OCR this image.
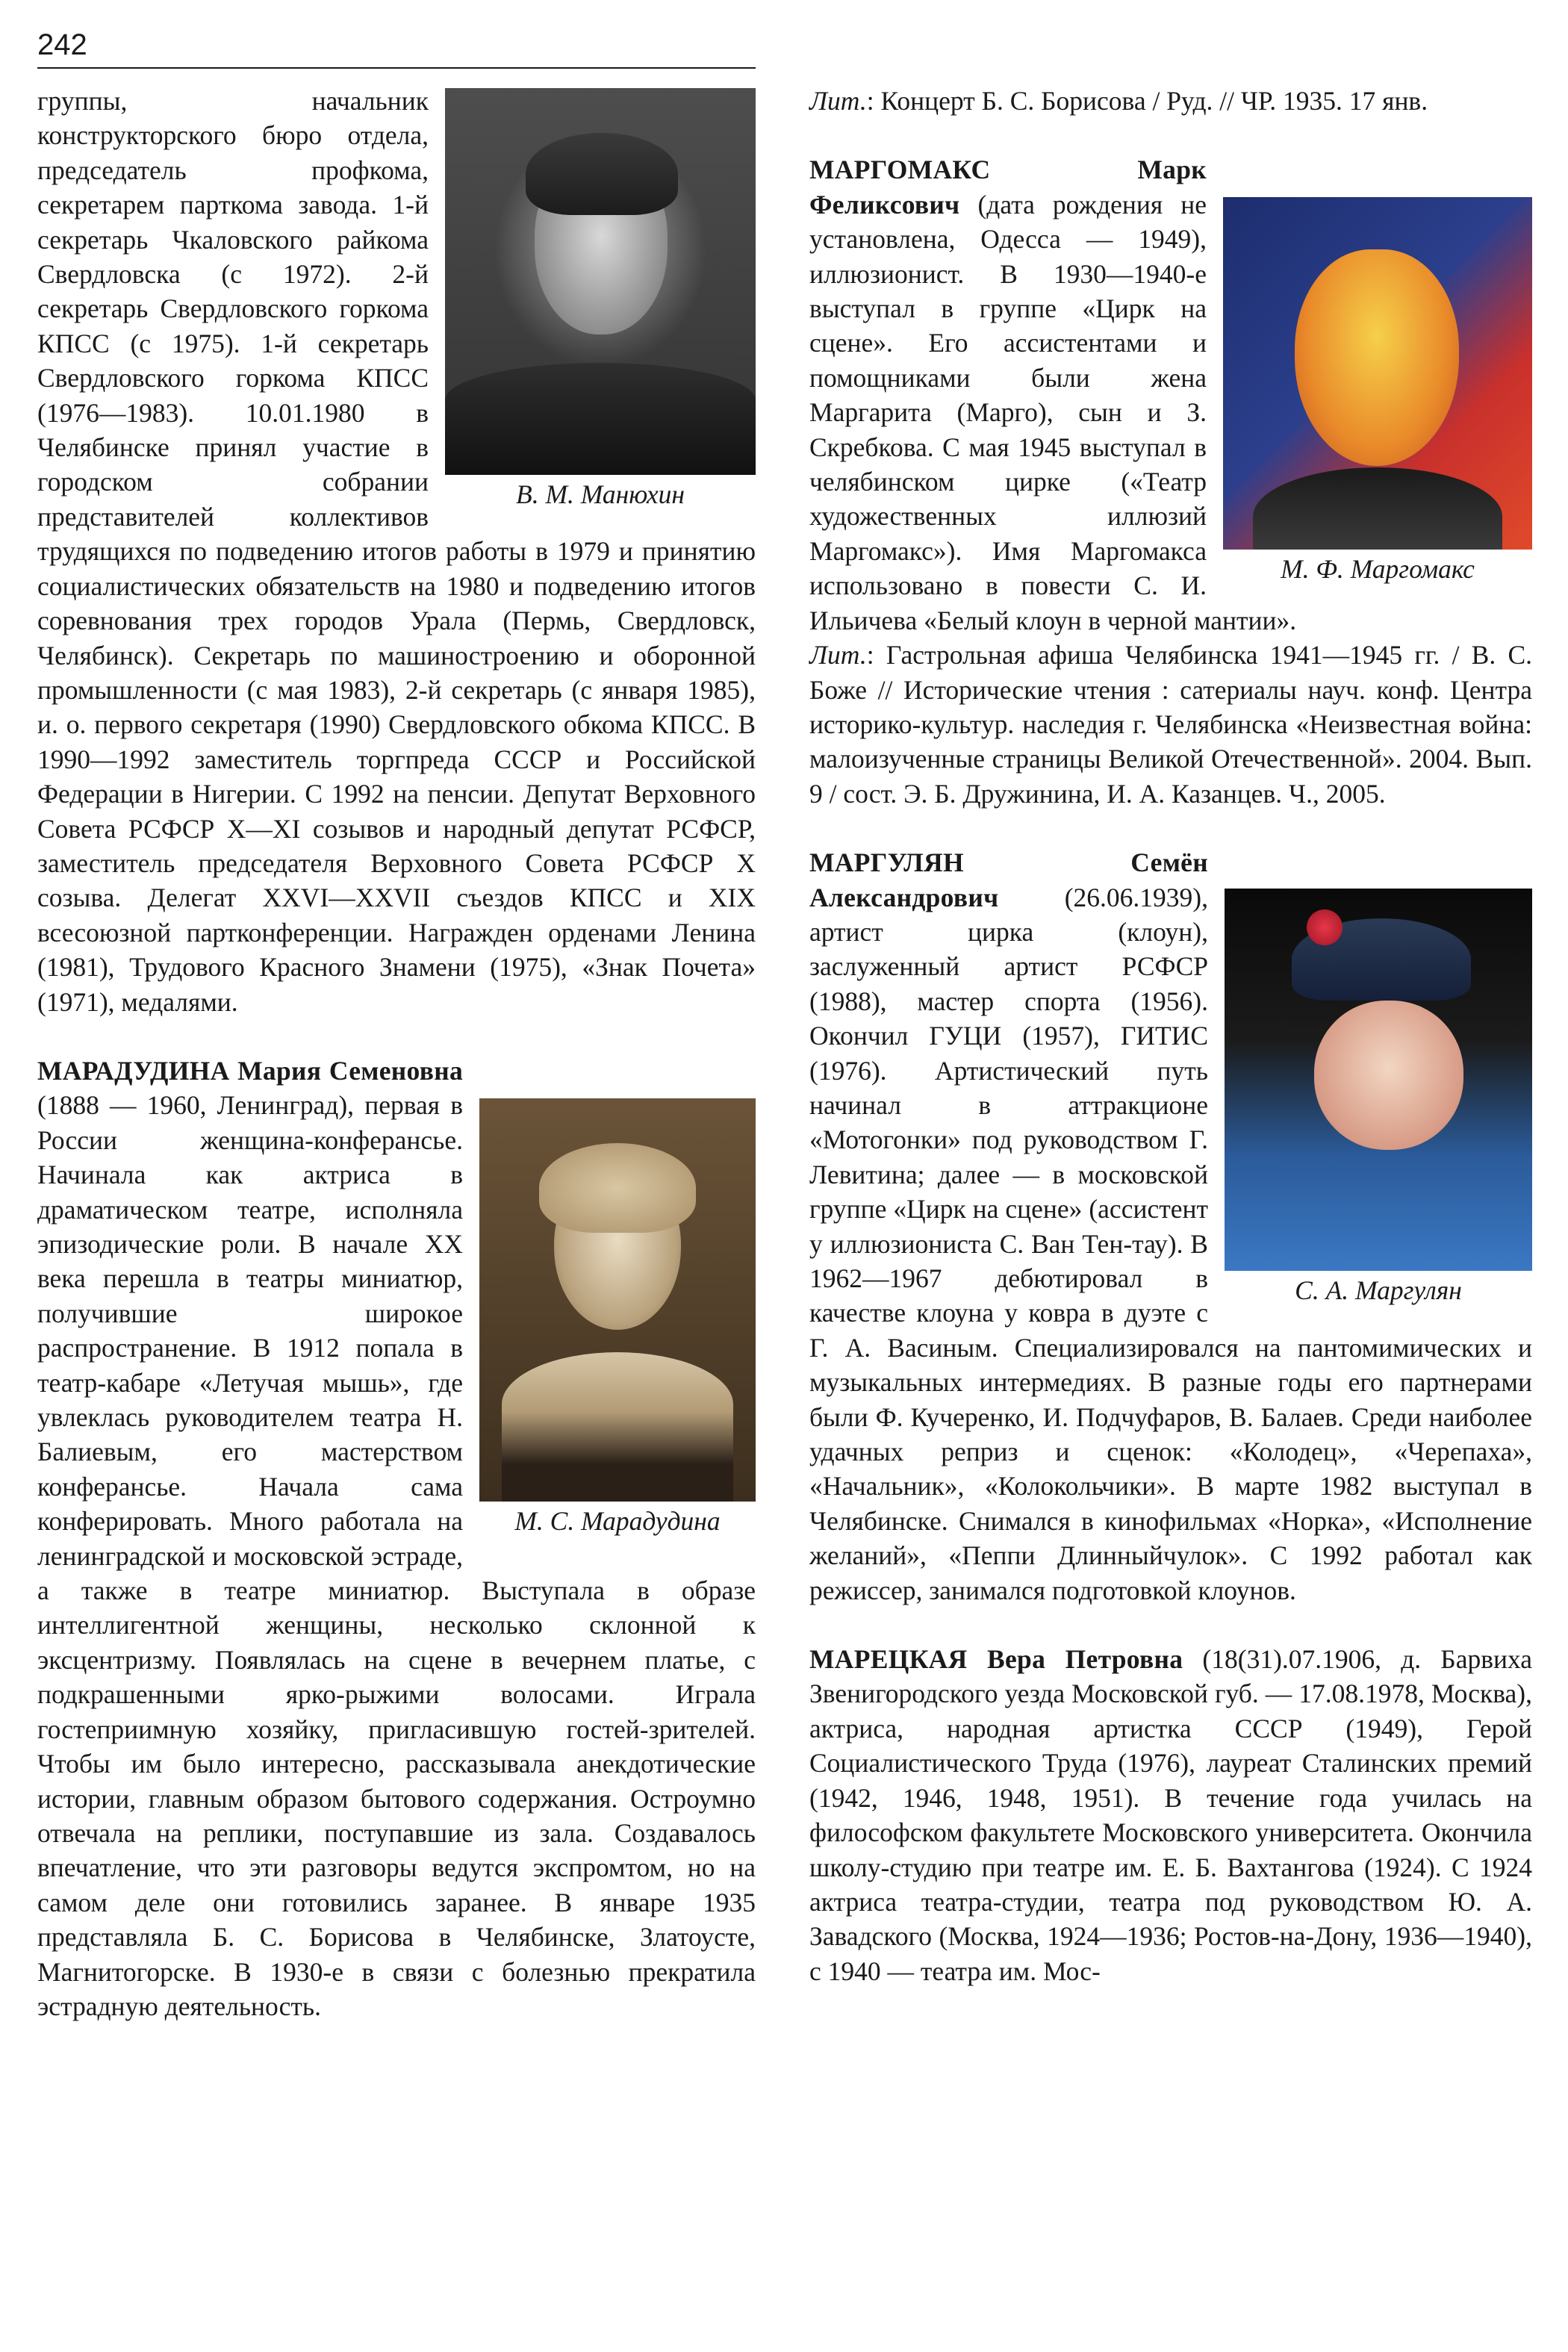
242
В. М. Манюхин

группы, начальник конструкторского бюро отдела, председатель профкома, секретарем парткома завода. 1-й секретарь Чкаловского райкома Свердловска (с 1972). 2-й секретарь Свердловского горкома КПСС (с 1975). 1-й секретарь Свердловского горкома КПСС (1976—1983). 10.01.1980 в Челябинске принял участие в городском собрании представителей коллективов трудящихся по подведению итогов работы в 1979 и принятию социалистических обязательств на 1980 и подведению итогов соревнования трех городов Урала (Пермь, Свердловск, Челябинск). Секретарь по машиностроению и оборонной промышленности (с мая 1983), 2-й секретарь (с января 1985), и. о. первого секретаря (1990) Свердловского обкома КПСС. В 1990—1992 заместитель торгпреда СССР и Российской Федерации в Нигерии. С 1992 на пенсии. Депутат Верховного Совета РСФСР X—XI созывов и народный депутат РСФСР, заместитель председателя Верховного Совета РСФСР X созыва. Делегат XXVI—XXVII съездов КПСС и XIX всесоюзной партконференции. Награжден орденами Ленина (1981), Трудового Красного Знамени (1975), «Знак Почета» (1971), медалями.

М. С. Марадудина

МАРАДУДИНА Мария Семеновна (1888 — 1960, Ленинград), первая в России женщина-конферансье. Начинала как актриса в драматическом театре, исполняла эпизодические роли. В начале XX века перешла в театры миниатюр, получившие широкое распространение. В 1912 попала в театр-кабаре «Летучая мышь», где увлеклась руководителем театра Н. Балиевым, его мастерством конферансье. Начала сама конферировать. Много работала на ленинградской и московской эстраде, а также в театре миниатюр. Выступала в образе интеллигентной женщины, несколько склонной к эксцентризму. Появлялась на сцене в вечернем платье, с подкрашенными ярко-рыжими волосами. Играла гостеприимную хозяйку, пригласившую гостей-зрителей. Чтобы им было интересно, рассказывала анекдотические истории, главным образом бытового содержания. Остроумно отвечала на реплики, поступавшие из зала. Создавалось впечатление, что эти разговоры ведутся экспромтом, но на самом деле они готовились заранее. В январе 1935 представляла Б. С. Борисова в Челябинске, Златоусте, Магнитогорске. В 1930-е в связи с болезнью прекратила эстрадную деятельность.

Лит.: Концерт Б. С. Борисова / Руд. // ЧР. 1935. 17 янв.

М. Ф. Маргомакс

МАРГОМАКС Марк Феликсович (дата рождения не установлена, Одесса — 1949), иллюзионист. В 1930—1940-е выступал в группе «Цирк на сцене». Его ассистентами и помощниками были жена Маргарита (Марго), сын и З. Скребкова. С мая 1945 выступал в челябинском цирке («Театр художественных иллюзий Маргомакс»). Имя Маргомакса использовано в повести С. И. Ильичева «Белый клоун в черной мантии».

Лит.: Гастрольная афиша Челябинска 1941—1945 гг. / В. С. Боже // Исторические чтения : сатериалы науч. конф. Центра историко-культур. наследия г. Челябинска «Неизвестная война: малоизученные страницы Великой Отечественной». 2004. Вып. 9 / сост. Э. Б. Дружинина, И. А. Казанцев. Ч., 2005.

С. А. Маргулян

МАРГУЛЯН Семён Александрович (26.06.1939), артист цирка (клоун), заслуженный артист РСФСР (1988), мастер спорта (1956). Окончил ГУЦИ (1957), ГИТИС (1976). Артистический путь начинал в аттракционе «Мотогонки» под руководством Г. Левитина; далее — в московской группе «Цирк на сцене» (ассистент у иллюзиониста С. Ван Тен-тау). В 1962—1967 дебютировал в качестве клоуна у ковра в дуэте с Г. А. Васиным. Специализировался на пантомимических и музыкальных интермедиях. В разные годы его партнерами были Ф. Кучеренко, И. Подчуфаров, В. Балаев. Среди наиболее удачных реприз и сценок: «Колодец», «Черепаха», «Начальник», «Колокольчики». В марте 1982 выступал в Челябинске. Снимался в кинофильмах «Норка», «Исполнение желаний», «Пеппи Длинныйчулок». С 1992 работал как режиссер, занимался подготовкой клоунов.

МАРЕЦКАЯ Вера Петровна (18(31).07.1906, д. Барвиха Звенигородского уезда Московской губ. — 17.08.1978, Москва), актриса, народная артистка СССР (1949), Герой Социалистического Труда (1976), лауреат Сталинских премий (1942, 1946, 1948, 1951). В течение года училась на философском факультете Московского университета. Окончила школу-студию при театре им. Е. Б. Вахтангова (1924). С 1924 актриса театра-студии, театра под руководством Ю. А. Завадского (Москва, 1924—1936; Ростов-на-Дону, 1936—1940), с 1940 — театра им. Мос-
